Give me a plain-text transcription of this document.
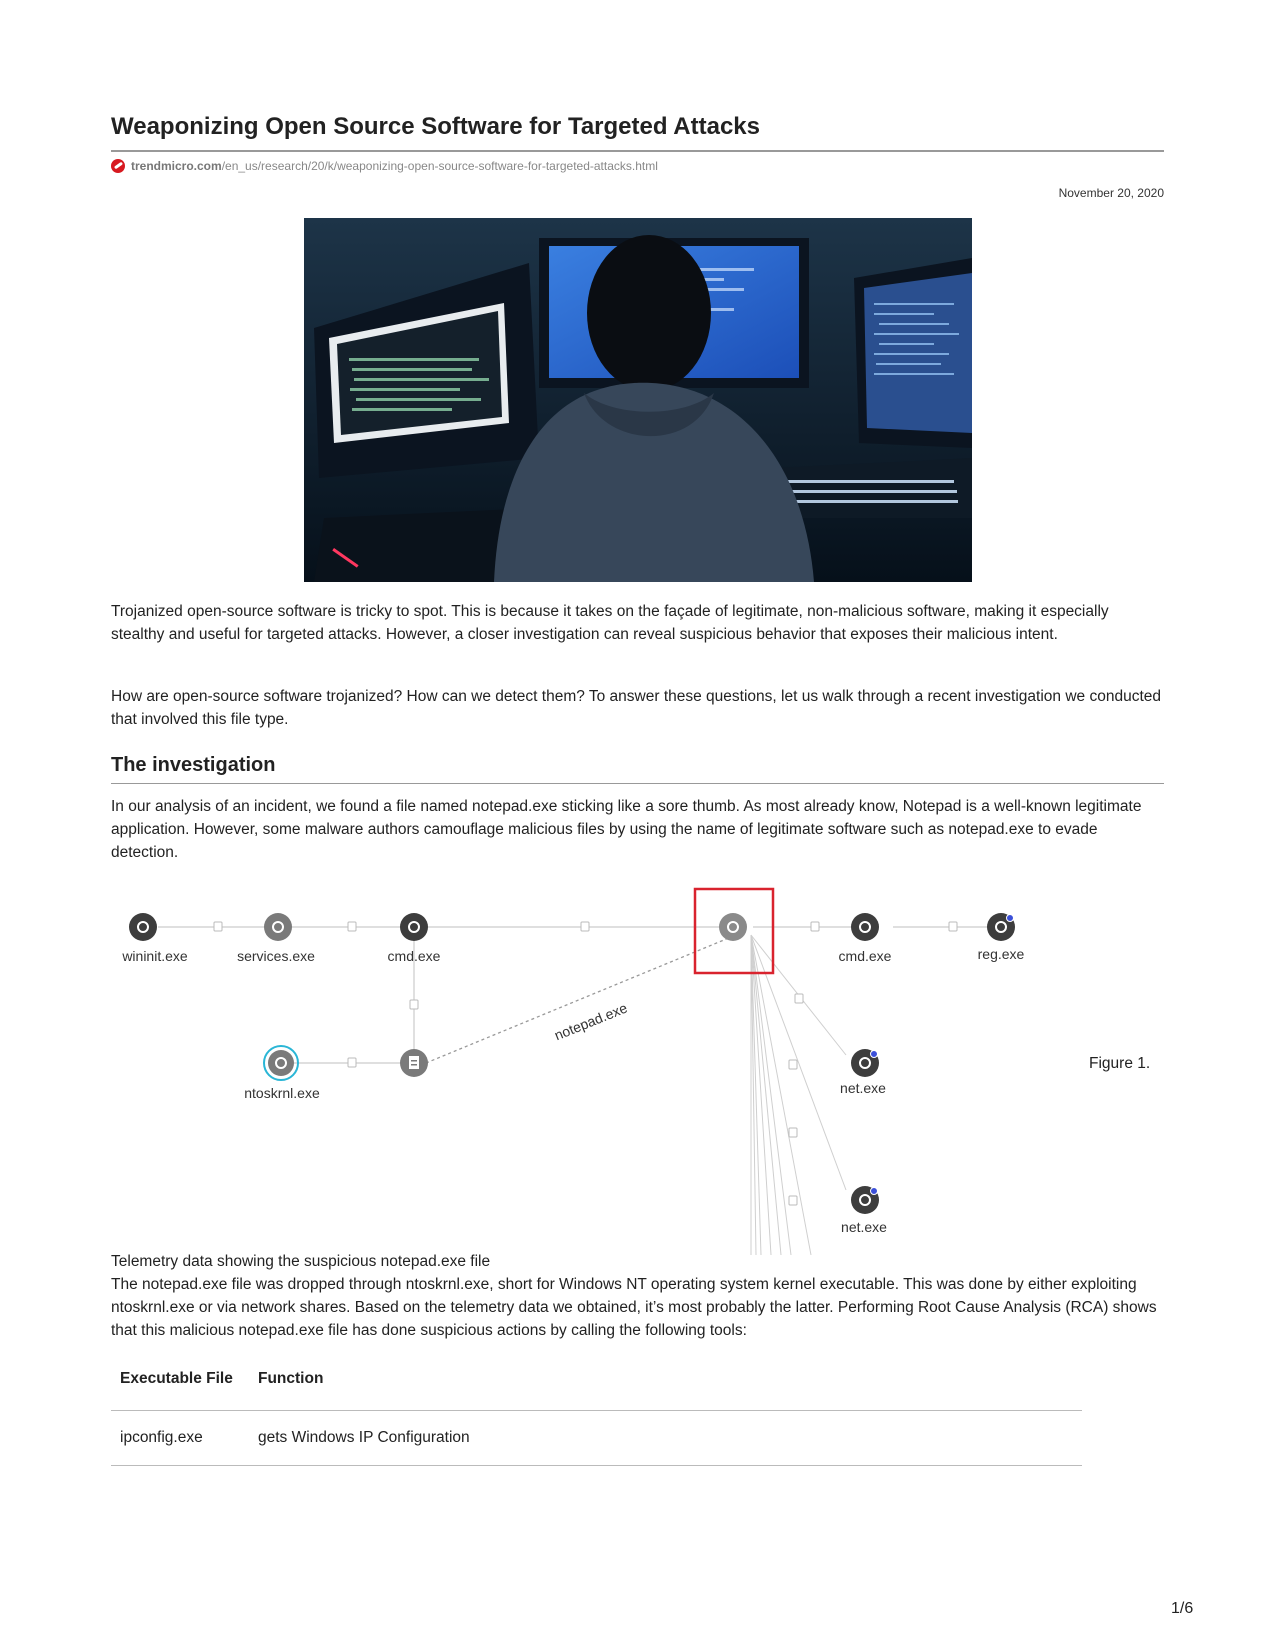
Weaponizing Open Source Software for Targeted Attacks
trendmicro.com /en_us/research/20/k/weaponizing-open-source-software-for-targeted-attacks.html
November 20, 2020

Trojanized open-source software is tricky to spot. This is because it takes on the façade of legitimate, non-malicious software, making it especially stealthy and useful for targeted attacks. However, a closer investigation can reveal suspicious behavior that exposes their malicious intent.

How are open-source software trojanized? How can we detect them? To answer these questions, let us walk through a recent investigation we conducted that involved this file type.

The investigation

In our analysis of an incident, we found a file named notepad.exe sticking like a sore thumb. As most already know, Notepad is a well-known legitimate application. However, some malware authors camouflage malicious files by using the name of legitimate software such as notepad.exe to evade detection.

notepad.exe
wininit.exe	services.exe	cmd.exe	cmd.exe	reg.exe
ntoskrnl.exe	net.exe
net.exe
Figure 1.

Telemetry data showing the suspicious notepad.exe file

The notepad.exe file was dropped through ntoskrnl.exe, short for Windows NT operating system kernel executable. This was done by either exploiting ntoskrnl.exe or via network shares. Based on the telemetry data we obtained, it’s most probably the latter. Performing Root Cause Analysis (RCA) shows that this malicious notepad.exe file has done suspicious actions by calling the following tools:

Executable File	Function
ipconfig.exe	gets Windows IP Configuration
1/6
